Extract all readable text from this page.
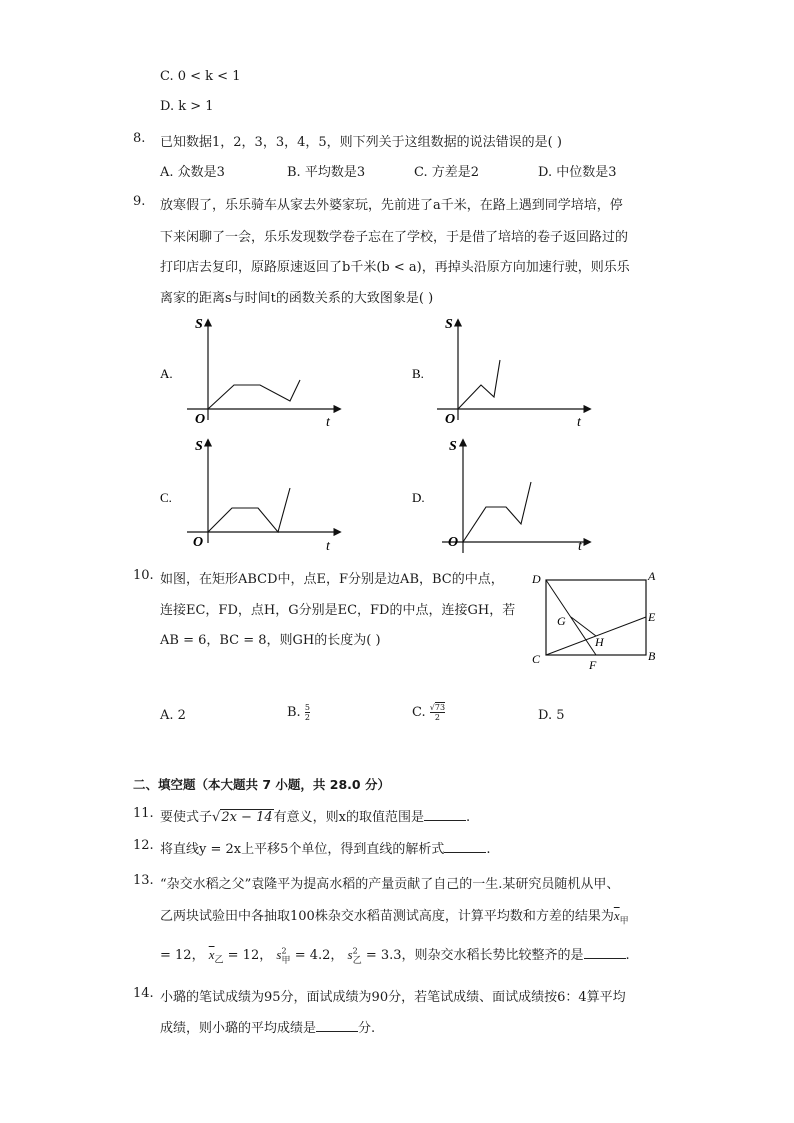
C. 0 < k < 1
D. k > 1
8. 已知数据1，2，3，3，4，5，则下列关于这组数据的说法错误的是( )
A. 众数是3	B. 平均数是3	C. 方差是2	D. 中位数是3
9. 放寒假了，乐乐骑车从家去外婆家玩，先前进了a千米，在路上遇到同学培培，停
下来闲聊了一会，乐乐发现数学卷子忘在了学校，于是借了培培的卷子返回路过的
打印店去复印，原路原速返回了b千米(b < a)，再掉头沿原方向加速行驶，则乐乐
离家的距离s与时间t的函数关系的大致图象是( )
A.
S
O	t
B.
S
O	t
C.
S
O	t
D.
S
O	t
10. 如图，在矩形ABCD中，点E，F分别是边AB，BC的中点，
连接EC，FD，点H，G分别是EC，FD的中点，连接GH，若
AB = 6，BC = 8，则GH的长度为( )
D	A
E
B
C	F
G
H
A. 2	B. $\frac{5}{2}$	C. $\frac{√73}{2}$	D. 5
二、填空题（本大题共 7 小题，共 28.0 分）
11. 要使式子√2x − 14有意义，则x的取值范围是	.
12. 将直线y = 2x上平移5个单位，得到直线的解析式	.
13. “杂交水稻之父”袁隆平为提高水稻的产量贡献了自己的一生.某研究员随机从甲、
乙两块试验田中各抽取100株杂交水稻苗测试高度，计算平均数和方差的结果为$\overline{x}_甲$
= 12， $\overline{x}_乙 = 12$， $s^2_甲 = 4.2$， $s^2_乙 = 3.3$，则杂交水稻长势比较整齐的是	.
14. 小璐的笔试成绩为95分，面试成绩为90分，若笔试成绩、面试成绩按6：4算平均
成绩，则小璐的平均成绩是	分.
